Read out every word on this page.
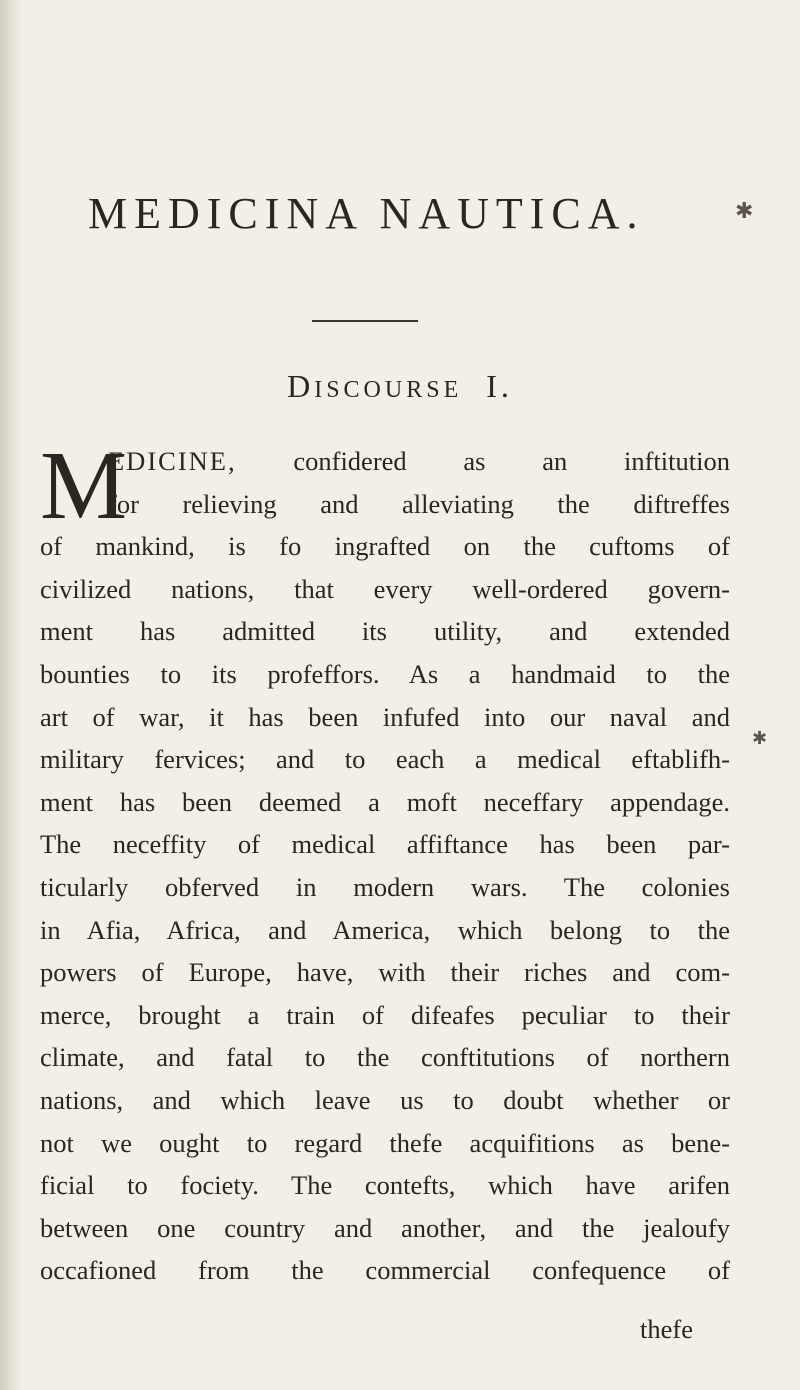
MEDICINA NAUTICA.	✱
✱
DISCOURSE I.
M
EDICINE, confidered as an inftitution
for relieving and alleviating the diftreffes
of mankind, is fo ingrafted on the cuftoms of
civilized nations, that every well-ordered govern-
ment has admitted its utility, and extended
bounties to its profeffors. As a handmaid to the
art of war, it has been infufed into our naval and
military fervices; and to each a medical eftablifh-
ment has been deemed a moft neceffary appendage.
The neceffity of medical affiftance has been par-
ticularly obferved in modern wars. The colonies
in Afia, Africa, and America, which belong to the
powers of Europe, have, with their riches and com-
merce, brought a train of difeafes peculiar to their
climate, and fatal to the conftitutions of northern
nations, and which leave us to doubt whether or
not we ought to regard thefe acquifitions as bene-
ficial to fociety. The contefts, which have arifen
between one country and another, and the jealoufy
occafioned from the commercial confequence of
thefe
